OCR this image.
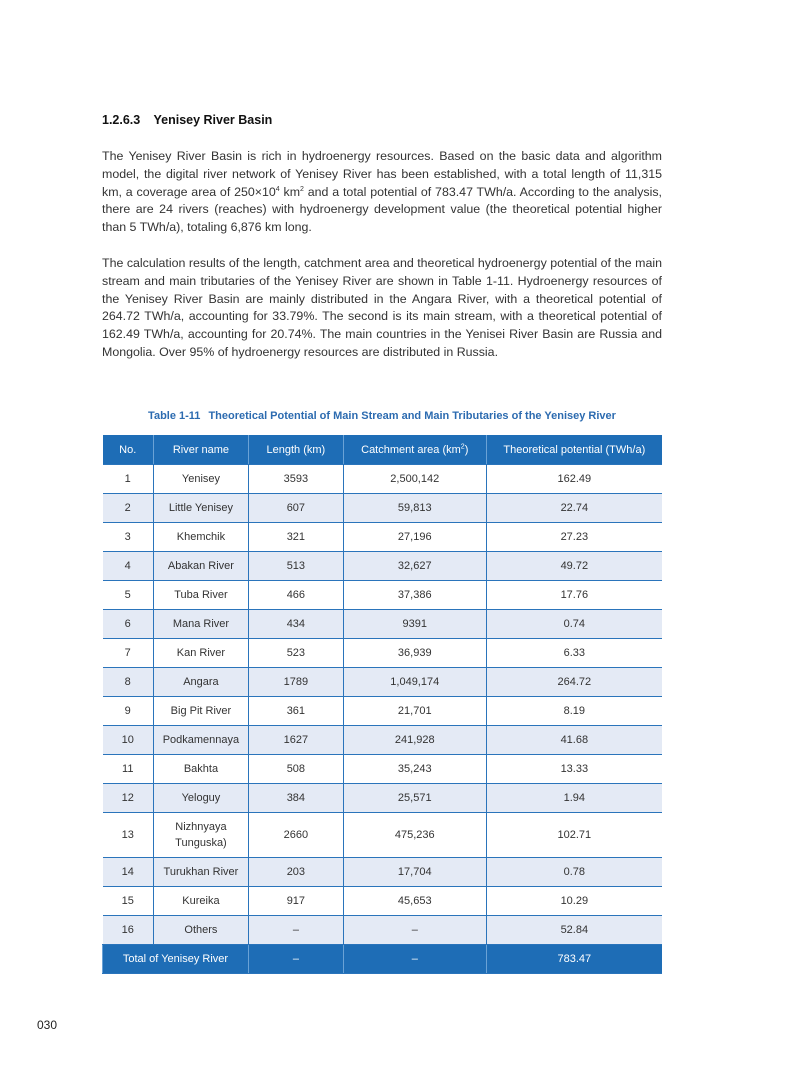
1.2.6.3 Yenisey River Basin
The Yenisey River Basin is rich in hydroenergy resources. Based on the basic data and algorithm model, the digital river network of Yenisey River has been established, with a total length of 11,315 km, a coverage area of $250\times 10^4$ $km^2$ and a total potential of 783.47 TWh/a. According to the analysis, there are 24 rivers (reaches) with hydroenergy development value (the theoretical potential higher than 5 TWh/a), totaling 6,876 km long.
The calculation results of the length, catchment area and theoretical hydroenergy potential of the main stream and main tributaries of the Yenisey River are shown in Table 1-11. Hydroenergy resources of the Yenisey River Basin are mainly distributed in the Angara River, with a theoretical potential of 264.72 TWh/a, accounting for 33.79%. The second is its main stream, with a theoretical potential of 162.49 TWh/a, accounting for 20.74%. The main countries in the Yenisei River Basin are Russia and Mongolia. Over 95% of hydroenergy resources are distributed in Russia.
Table 1-11 Theoretical Potential of Main Stream and Main Tributaries of the Yenisey River
No.	River name	Length (km)	Catchment area $(km^2)$	Theoretical potential (TWh/a)
1	Yenisey	3593	2,500,142	162.49
2	Little Yenisey	607	59,813	22.74
3	Khemchik	321	27,196	27.23
4	Abakan River	513	32,627	49.72
5	Tuba River	466	37,386	17.76
6	Mana River	434	9391	0.74
7	Kan River	523	36,939	6.33
8	Angara	1789	1,049,174	264.72
9	Big Pit River	361	21,701	8.19
10	Podkamennaya	1627	241,928	41.68
11	Bakhta	508	35,243	13.33
12	Yeloguy	384	25,571	1.94
13	Nizhnyaya Tunguska)	2660	475,236	102.71
14	Turukhan River	203	17,704	0.78
15	Kureika	917	45,653	10.29
16	Others	–	–	52.84
Total of Yenisey River		–	–	783.47
030
